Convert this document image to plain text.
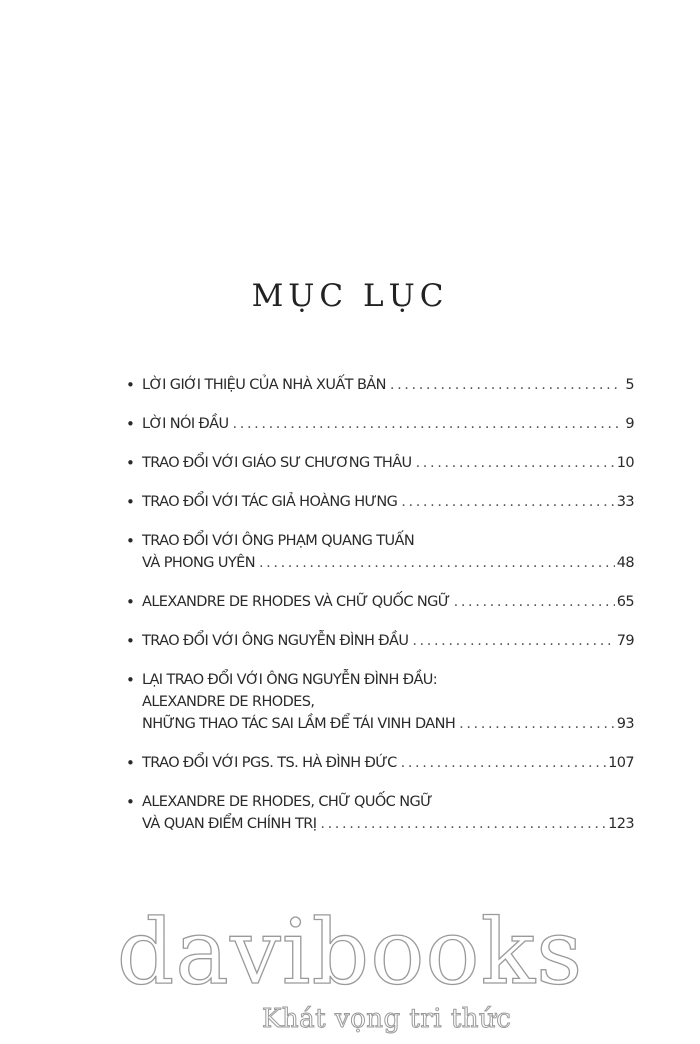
MỤC LỤC
• LỜI GIỚI THIỆU CỦA NHÀ XUẤT BẢN .....	5
• LỜI NÓI ĐẦU .....	9
• TRAO ĐỔI VỚI GIÁO SƯ CHƯƠNG THÂU .....	10
• TRAO ĐỔI VỚI TÁC GIẢ HOÀNG HƯNG .....	33
• TRAO ĐỔI VỚI ÔNG PHẠM QUANG TUẤN
VÀ PHONG UYÊN .....	48
• ALEXANDRE DE RHODES VÀ CHỮ QUỐC NGỮ .....	65
• TRAO ĐỔI VỚI ÔNG NGUYỄN ĐÌNH ĐẦU .....	79
• LẠI TRAO ĐỔI VỚI ÔNG NGUYỄN ĐÌNH ĐẦU:
ALEXANDRE DE RHODES,
NHỮNG THAO TÁC SAI LẦM ĐỂ TÁI VINH DANH .....	93
• TRAO ĐỔI VỚI PGS. TS. HÀ ĐÌNH ĐỨC .....	107
• ALEXANDRE DE RHODES, CHỮ QUỐC NGỮ
VÀ QUAN ĐIỂM CHÍNH TRỊ .....	123
davibooks
Khát vọng tri thức
